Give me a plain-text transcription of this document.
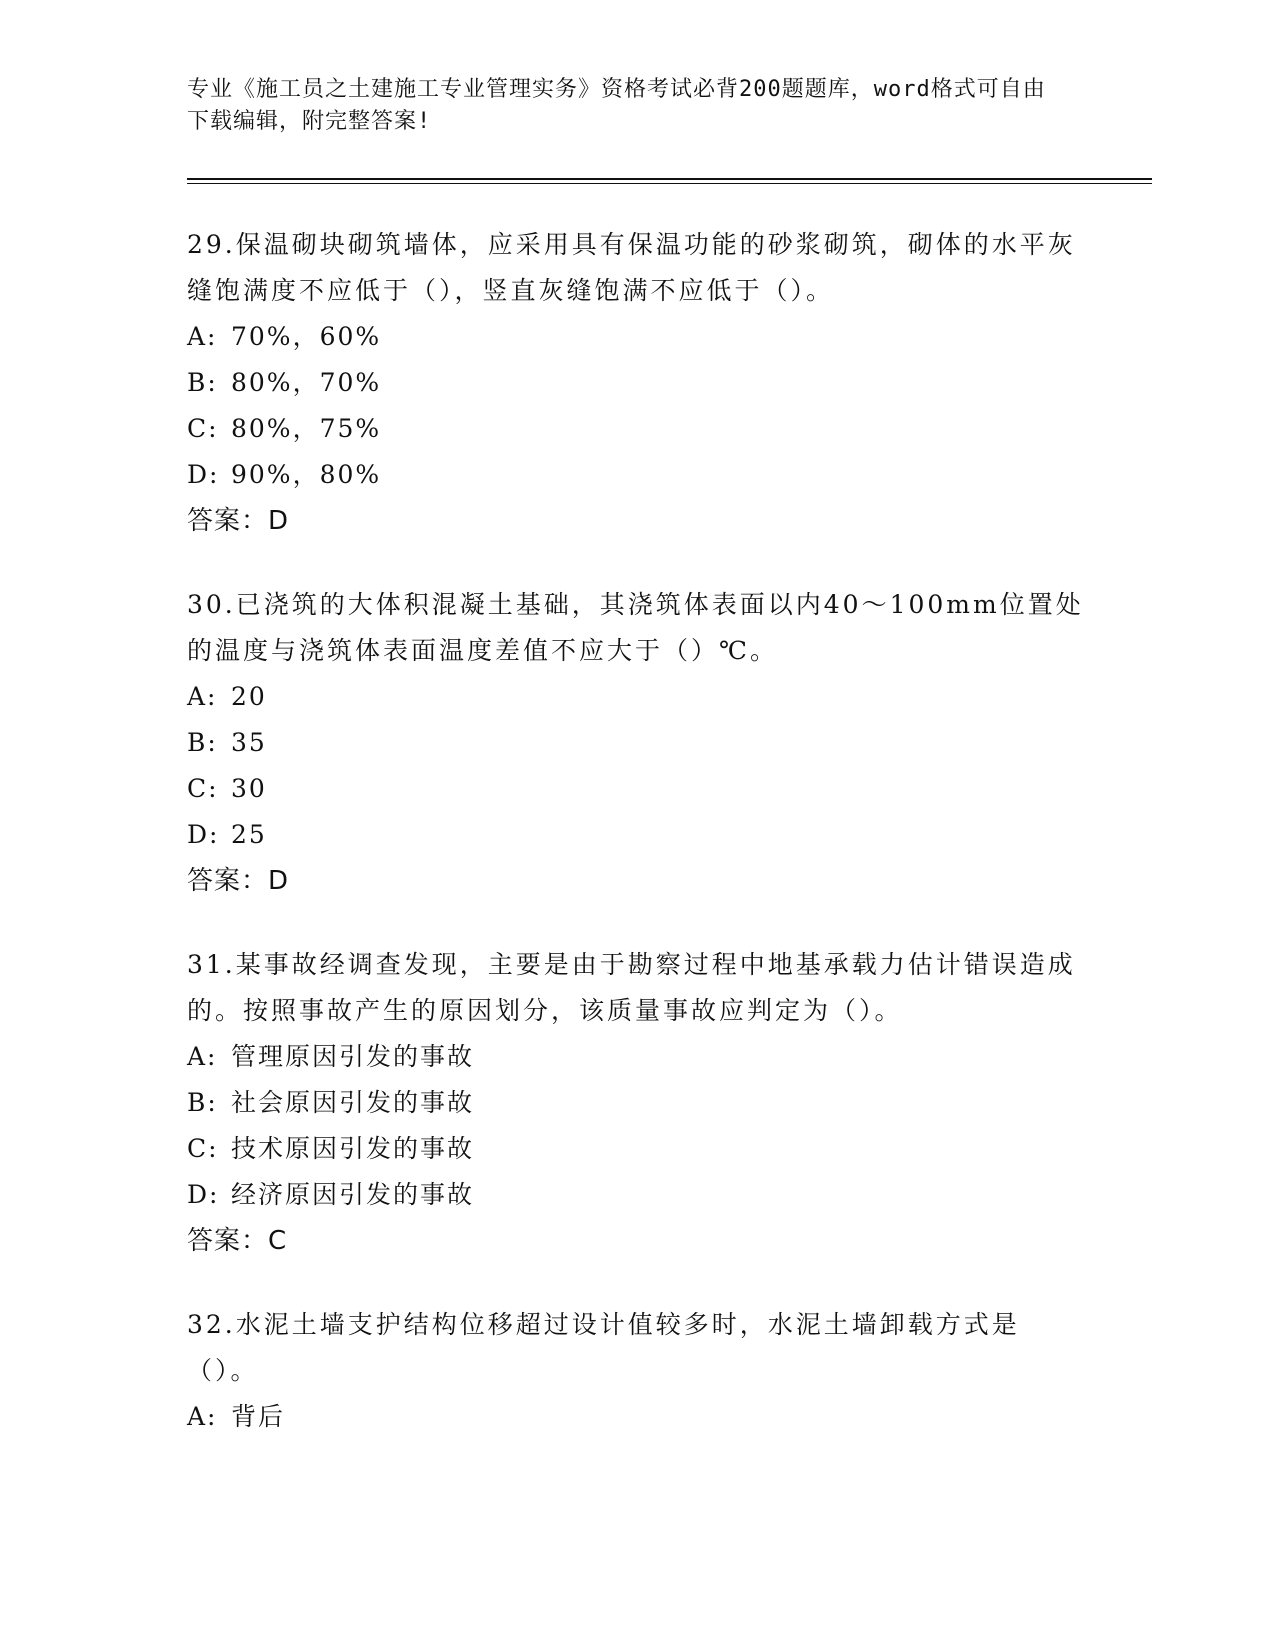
专业《施工员之土建施工专业管理实务》资格考试必背200题题库，word格式可自由下载编辑，附完整答案!

29.保温砌块砌筑墙体，应采用具有保温功能的砂浆砌筑，砌体的水平灰缝饱满度不应低于（），竖直灰缝饱满不应低于（）。

A: 70%，60%

B: 80%，70%

C: 80%，75%

D: 90%，80%

答案：D

30.已浇筑的大体积混凝土基础，其浇筑体表面以内40～100mm位置处的温度与浇筑体表面温度差值不应大于（）℃。

A: 20

B: 35

C: 30

D: 25

答案：D

31.某事故经调查发现，主要是由于勘察过程中地基承载力估计错误造成的。按照事故产生的原因划分，该质量事故应判定为（）。

A: 管理原因引发的事故

B: 社会原因引发的事故

C: 技术原因引发的事故

D: 经济原因引发的事故

答案：C

32.水泥土墙支护结构位移超过设计值较多时，水泥土墙卸载方式是（）。

A: 背后
